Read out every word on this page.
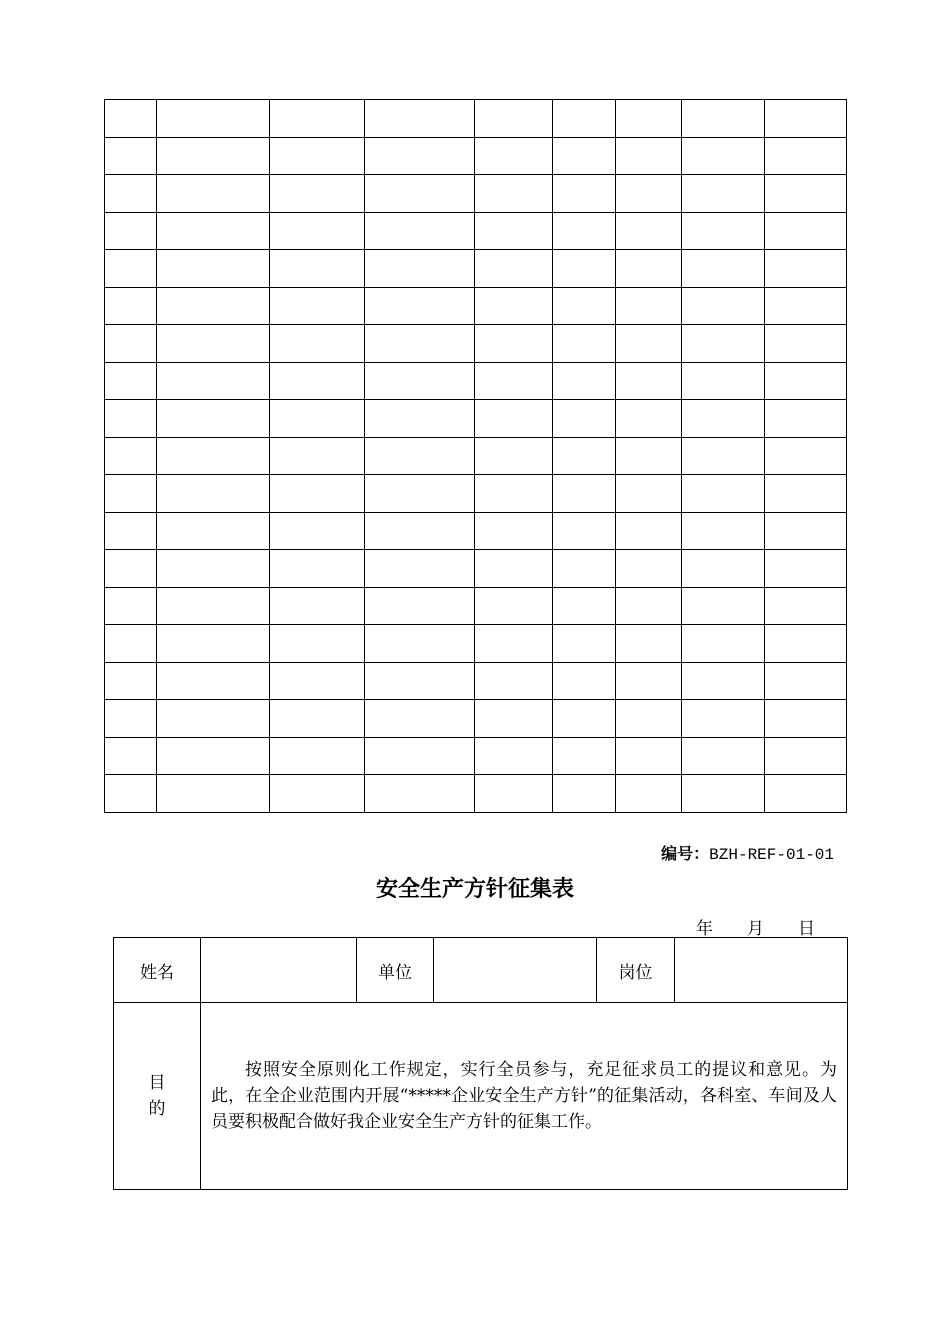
编号：BZH-REF-01-01
安全生产方针征集表
年 月 日
姓名		单位		岗位	

目
的	按照安全原则化工作规定，实行全员参与，充足征求员工的提议和意见。为此，在全企业范围内开展“*****企业安全生产方针”的征集活动，各科室、车间及人员要积极配合做好我企业安全生产方针的征集工作。				
